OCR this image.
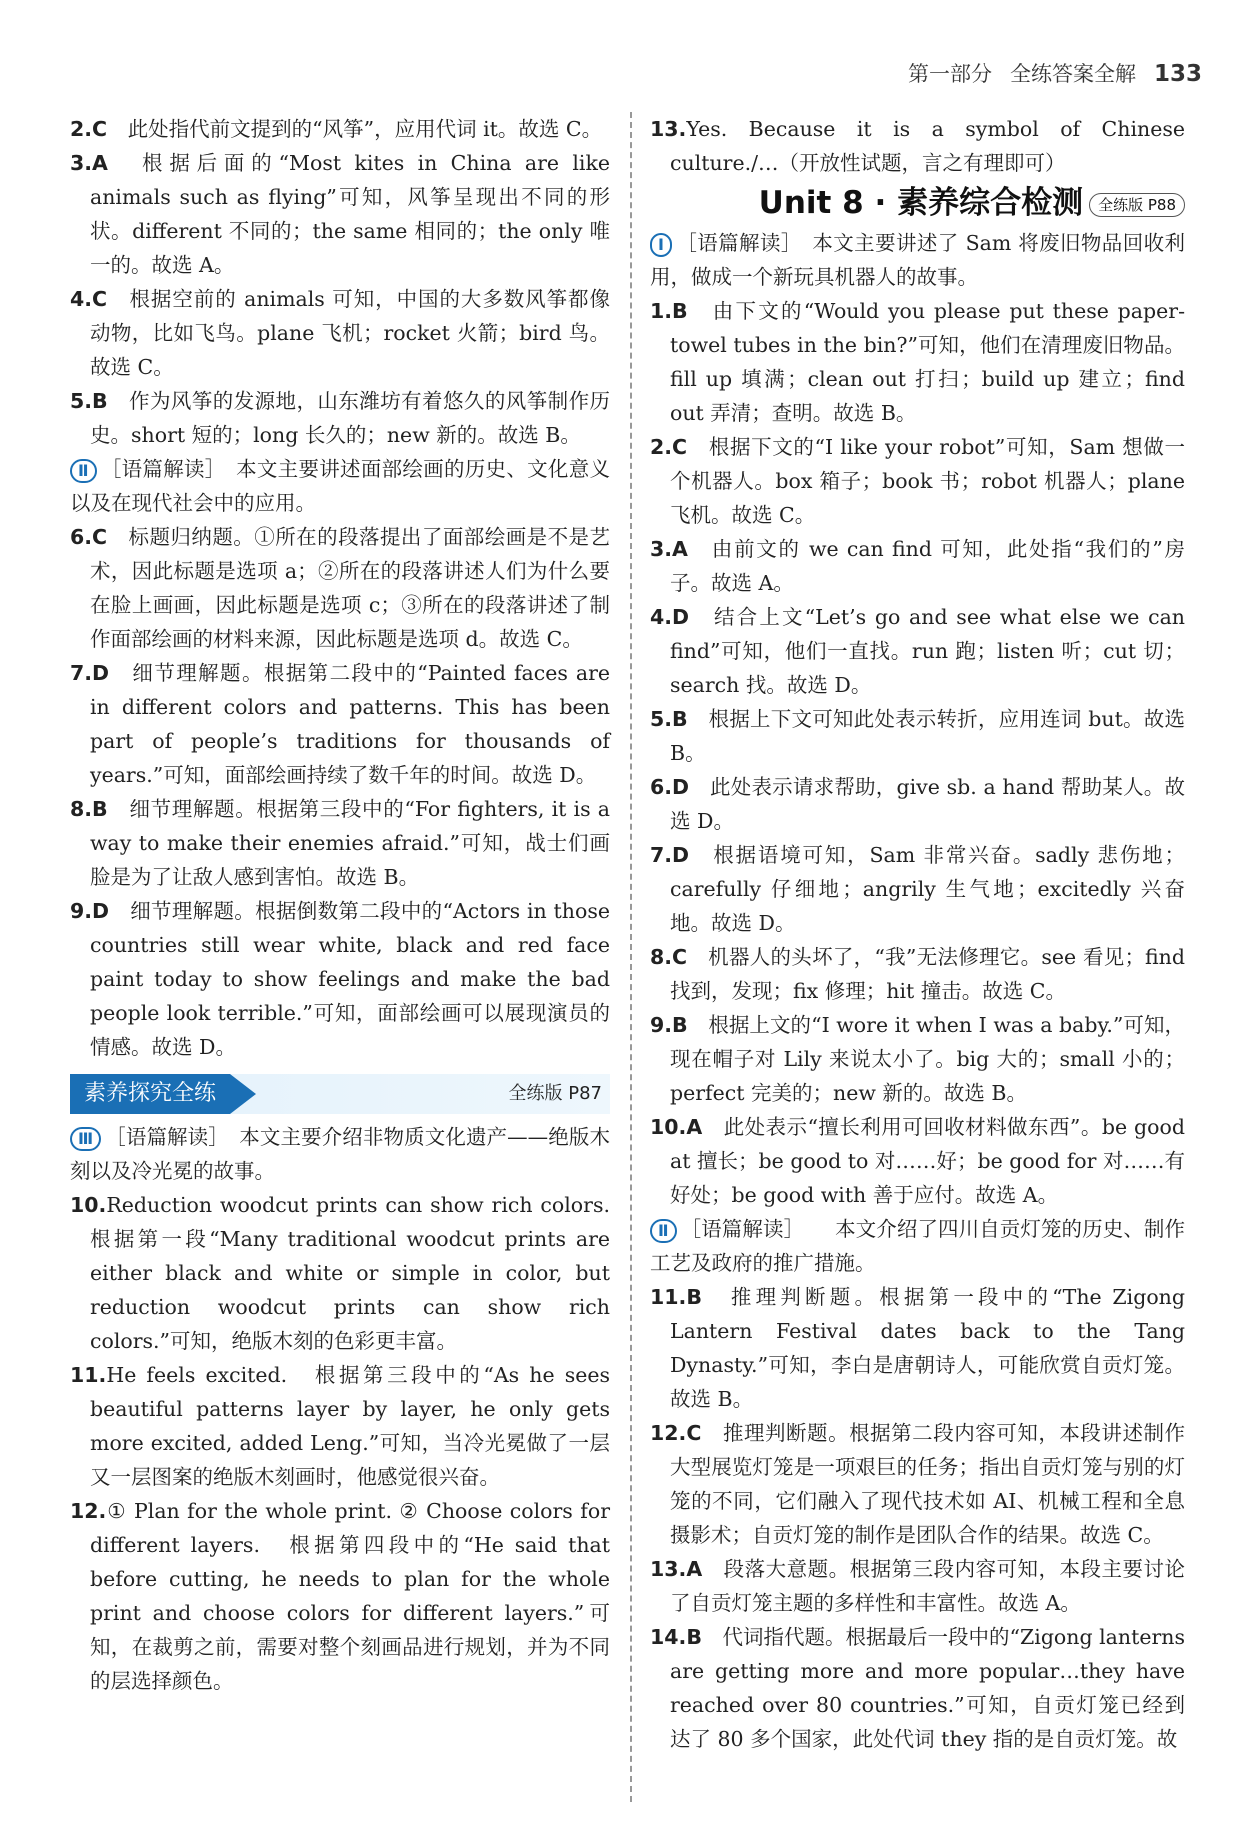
第一部分 全练答案全解 133

2.C　 此处指代前文提到的“风筝”，应用代词 it。故选 C。

3.A　 根据后面的“Most kites in China are like animals such as flying”可知，风筝呈现出不同的形状。different 不同的；the same 相同的；the only 唯一的。故选 A。

4.C　 根据空前的 animals 可知，中国的大多数风筝都像动物，比如飞鸟。plane 飞机；rocket 火箭；bird 鸟。故选 C。

5.B　 作为风筝的发源地，山东潍坊有着悠久的风筝制作历史。short 短的；long 长久的；new 新的。故选 B。

Ⅱ ［语篇解读］　本文主要讲述面部绘画的历史、文化意义以及在现代社会中的应用。

6.C　 标题归纳题。①所在的段落提出了面部绘画是不是艺术，因此标题是选项 a；②所在的段落讲述人们为什么要在脸上画画，因此标题是选项 c；③所在的段落讲述了制作面部绘画的材料来源，因此标题是选项 d。故选 C。

7.D　 细节理解题。根据第二段中的“Painted faces are in different colors and patterns. This has been part of people’s traditions for thousands of years.”可知，面部绘画持续了数千年的时间。故选 D。

8.B　 细节理解题。根据第三段中的“For fighters, it is a way to make their enemies afraid.”可知，战士们画脸是为了让敌人感到害怕。故选 B。

9.D　 细节理解题。根据倒数第二段中的“Actors in those countries still wear white, black and red face paint today to show feelings and make the bad people look terrible.”可知，面部绘画可以展现演员的情感。故选 D。

素养探究全练	全练版 P87

Ⅲ ［语篇解读］　本文主要介绍非物质文化遗产——绝版木刻以及冷光冕的故事。

10.Reduction woodcut prints can show rich colors.　根据第一段“Many traditional woodcut prints are either black and white or simple in color, but reduction woodcut prints can show rich colors.”可知，绝版木刻的色彩更丰富。

11.He feels excited.　根据第三段中的“As he sees beautiful patterns layer by layer, he only gets more excited, added Leng.”可知，当冷光冕做了一层又一层图案的绝版木刻画时，他感觉很兴奋。

12.① Plan for the whole print. ② Choose colors for different layers.　根据第四段中的“He said that before cutting, he needs to plan for the whole print and choose colors for different layers.”可知，在裁剪之前，需要对整个刻画品进行规划，并为不同的层选择颜色。

13.Yes. Because it is a symbol of Chinese culture./…（开放性试题，言之有理即可）

Unit 8 · 素养综合检测 全练版 P88

Ⅰ ［语篇解读］　本文主要讲述了 Sam 将废旧物品回收利用，做成一个新玩具机器人的故事。

1.B　 由下文的“Would you please put these paper-towel tubes in the bin?”可知，他们在清理废旧物品。fill up 填满；clean out 打扫；build up 建立；find out 弄清；查明。故选 B。

2.C　 根据下文的“I like your robot”可知，Sam 想做一个机器人。box 箱子；book 书；robot 机器人；plane 飞机。故选 C。

3.A　 由前文的 we can find 可知，此处指“我们的”房子。故选 A。

4.D　 结合上文“Let’s go and see what else we can find”可知，他们一直找。run 跑；listen 听；cut 切；search 找。故选 D。

5.B　 根据上下文可知此处表示转折，应用连词 but。故选 B。

6.D　 此处表示请求帮助，give sb. a hand 帮助某人。故选 D。

7.D　 根据语境可知，Sam 非常兴奋。sadly 悲伤地；carefully 仔细地；angrily 生气地；excitedly 兴奋地。故选 D。

8.C　 机器人的头坏了，“我”无法修理它。see 看见；find 找到，发现；fix 修理；hit 撞击。故选 C。

9.B　 根据上文的“I wore it when I was a baby.”可知，现在帽子对 Lily 来说太小了。big 大的；small 小的；perfect 完美的；new 新的。故选 B。

10.A　 此处表示“擅长利用可回收材料做东西”。be good at 擅长；be good to 对……好；be good for 对……有好处；be good with 善于应付。故选 A。

Ⅱ ［语篇解读］　　本文介绍了四川自贡灯笼的历史、制作工艺及政府的推广措施。

11.B　 推理判断题。根据第一段中的“The Zigong Lantern Festival dates back to the Tang Dynasty.”可知，李白是唐朝诗人，可能欣赏自贡灯笼。故选 B。

12.C　 推理判断题。根据第二段内容可知，本段讲述制作大型展览灯笼是一项艰巨的任务；指出自贡灯笼与别的灯笼的不同，它们融入了现代技术如 AI、机械工程和全息摄影术；自贡灯笼的制作是团队合作的结果。故选 C。

13.A　 段落大意题。根据第三段内容可知，本段主要讨论了自贡灯笼主题的多样性和丰富性。故选 A。

14.B　 代词指代题。根据最后一段中的“Zigong lanterns are getting more and more popular…they have reached over 80 countries.”可知，自贡灯笼已经到达了 80 多个国家，此处代词 they 指的是自贡灯笼。故
